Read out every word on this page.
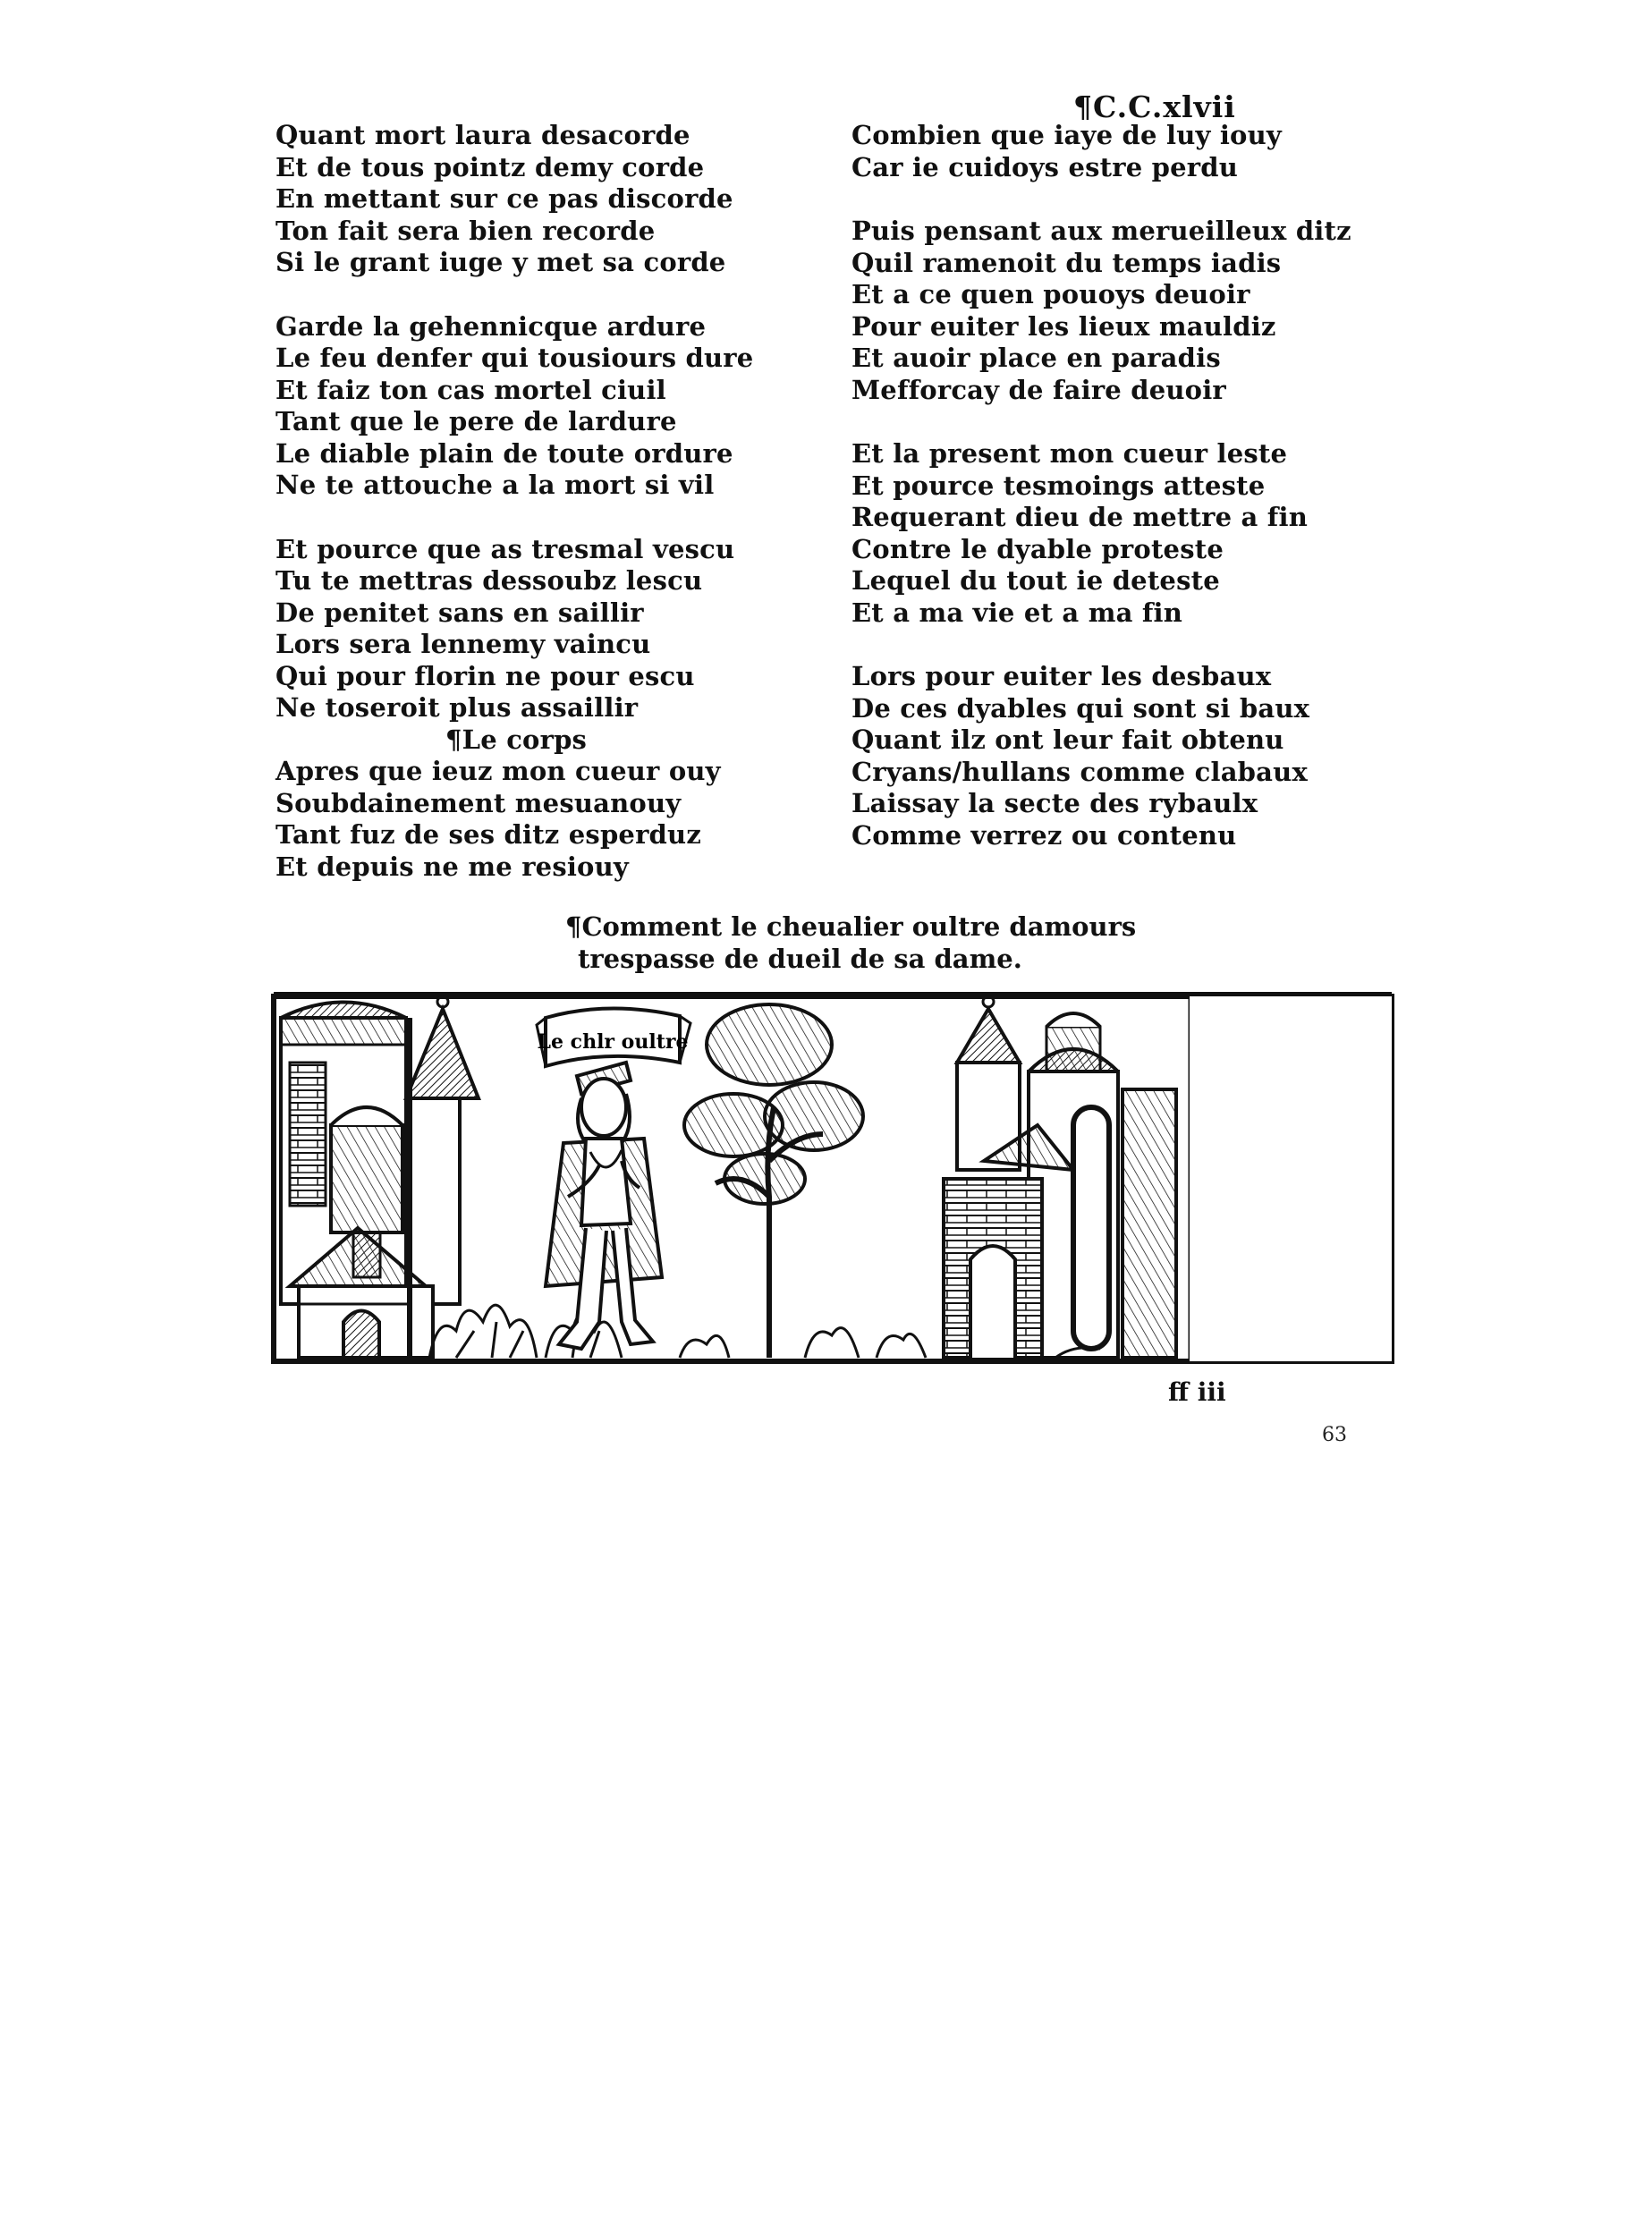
¶C.C.xlvii
Quant mort laura desacorde
Et de tous pointz demy corde
En mettant sur ce pas discorde
Ton fait sera bien recorde
Si le grant iuge y met sa corde
Garde la gehennicque ardure
Le feu denfer qui tousiours dure
Et faiz ton cas mortel ciuil
Tant que le pere de lardure
Le diable plain de toute ordure
Ne te attouche a la mort si vil
Et pource que as tresmal vescu
Tu te mettras dessoubz lescu
De penitet sans en saillir
Lors sera lennemy vaincu
Qui pour florin ne pour escu
Ne toseroit plus assaillir
¶Le corps
Apres que ieuz mon cueur ouy
Soubdainement mesuanouy
Tant fuz de ses ditz esperduz
Et depuis ne me resiouy
Combien que iaye de luy iouy
Car ie cuidoys estre perdu
Puis pensant aux merueilleux ditz
Quil ramenoit du temps iadis
Et a ce quen pouoys deuoir
Pour euiter les lieux mauldiz
Et auoir place en paradis
Mefforcay de faire deuoir
Et la present mon cueur leste
Et pource tesmoings atteste
Requerant dieu de mettre a fin
Contre le dyable proteste
Lequel du tout ie deteste
Et a ma vie et a ma fin
Lors pour euiter les desbaux
De ces dyables qui sont si baux
Quant ilz ont leur fait obtenu
Cryans/hullans comme clabaux
Laissay la secte des rybaulx
Comme verrez ou contenu
¶Comment le cheualier oultre damours
trespasse de dueil de sa dame.
Le chlr oultre
ff iii
63
